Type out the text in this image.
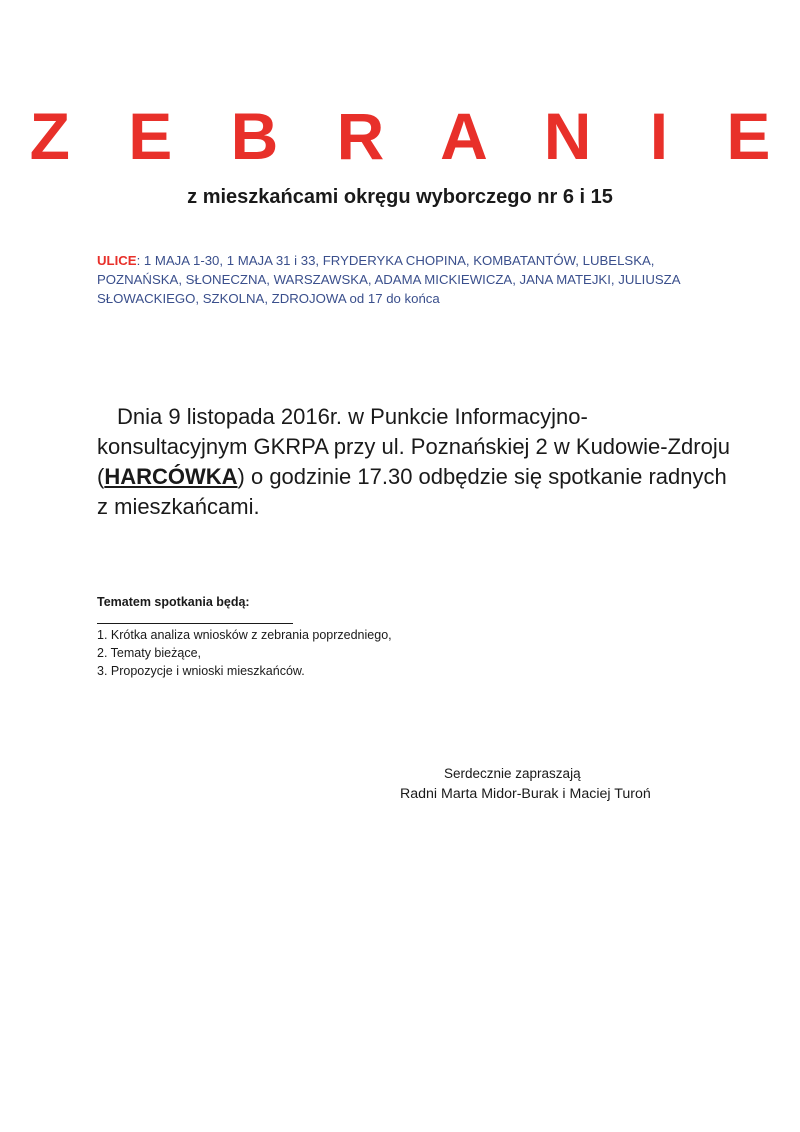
Z E B R A N I E
z mieszkańcami okręgu wyborczego nr 6 i 15

ULICE: 1 MAJA 1-30, 1 MAJA 31 i 33, FRYDERYKA CHOPINA, KOMBATANTÓW, LUBELSKA, POZNAŃSKA, SŁONECZNA, WARSZAWSKA, ADAMA MICKIEWICZA, JANA MATEJKI, JULIUSZA SŁOWACKIEGO, SZKOLNA, ZDROJOWA od 17 do końca

Dnia 9 listopada 2016r. w Punkcie Informacyjno-konsultacyjnym GKRPA przy ul. Poznańskiej 2 w Kudowie-Zdroju (HARCÓWKA) o godzinie 17.30 odbędzie się spotkanie radnych z mieszkańcami.

Tematem spotkania będą:
1. Krótka analiza wniosków z zebrania poprzedniego,
2. Tematy bieżące,
3. Propozycje i wnioski mieszkańców.
Serdecznie zapraszają
Radni Marta Midor-Burak i Maciej Turoń
